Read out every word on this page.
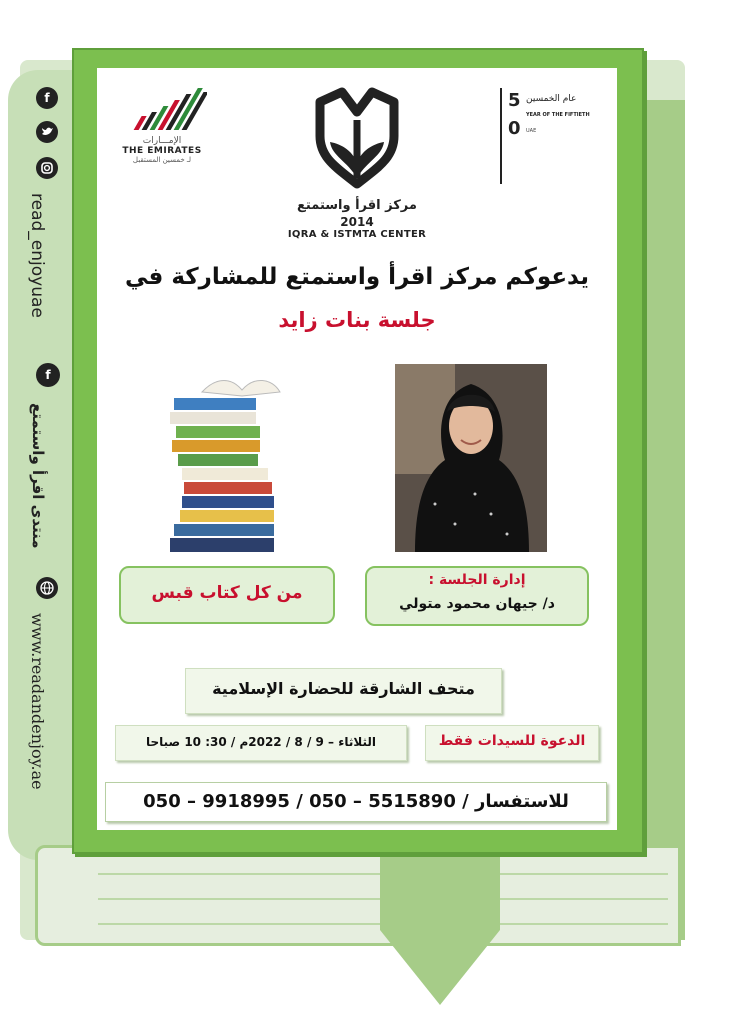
f
read_enjoyuae
f
منتدى اقرأ واستمتع
www.readandenjoy.ae
الإمـــارات
THE EMIRATES
لـ خمسين المستقبل
مركز اقرأ واستمتع
2014
IQRA & ISTMTA CENTER
5
0
عام الخمسين
YEAR OF THE FIFTIETH
UAE
يدعوكم مركز اقرأ واستمتع للمشاركة في
جلسة بنات زايد
من كل كتاب قبس
إدارة الجلسة :
د/ جيهان محمود متولي
متحف الشارقة للحضارة الإسلامية
الثلاثاء – 9 / 8 / 2022م / 30: 10 صباحا	الدعوة للسيدات فقط
للاستفسار / 5515890 – 050 / 9918995 – 050
